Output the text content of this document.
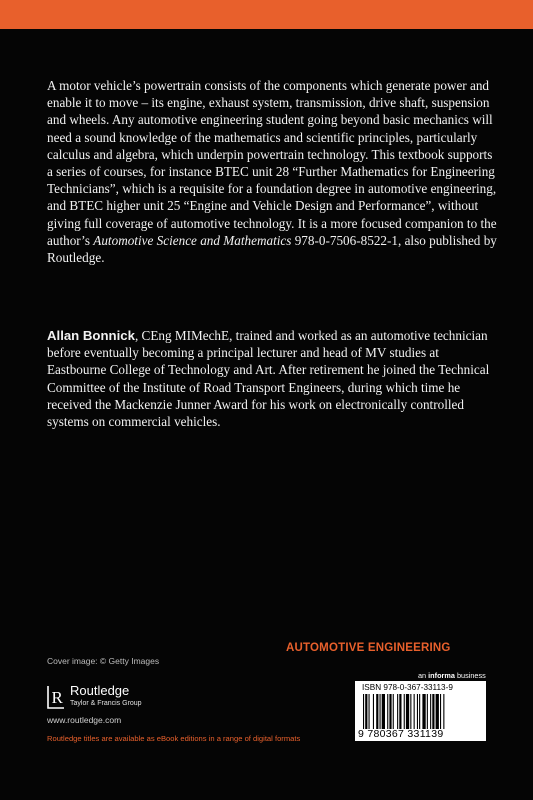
A motor vehicle’s powertrain consists of the components which generate power and enable it to move – its engine, exhaust system, transmission, drive shaft, suspension and wheels. Any automotive engineering student going beyond basic mechanics will need a sound knowledge of the mathematics and scientific principles, particularly calculus and algebra, which underpin powertrain technology. This textbook supports a series of courses, for instance BTEC unit 28 “Further Mathematics for Engineering Technicians”, which is a requisite for a foundation degree in automotive engineering, and BTEC higher unit 25 “Engine and Vehicle Design and Performance”, without giving full coverage of automotive technology. It is a more focused companion to the author’s Automotive Science and Mathematics 978-0-7506-8522-1, also published by Routledge.

Allan Bonnick, CEng MIMechE, trained and worked as an automotive technician before eventually becoming a principal lecturer and head of MV studies at Eastbourne College of Technology and Art. After retirement he joined the Technical Committee of the Institute of Road Transport Engineers, during which time he received the Mackenzie Junner Award for his work on electronically controlled systems on commercial vehicles.

Cover image: © Getty Images
AUTOMOTIVE ENGINEERING
R Routledge
Taylor & Francis Group
www.routledge.com
Routledge titles are available as eBook editions in a range of digital formats
an informa business
ISBN 978-0-367-33113-9
9 780367 331139
